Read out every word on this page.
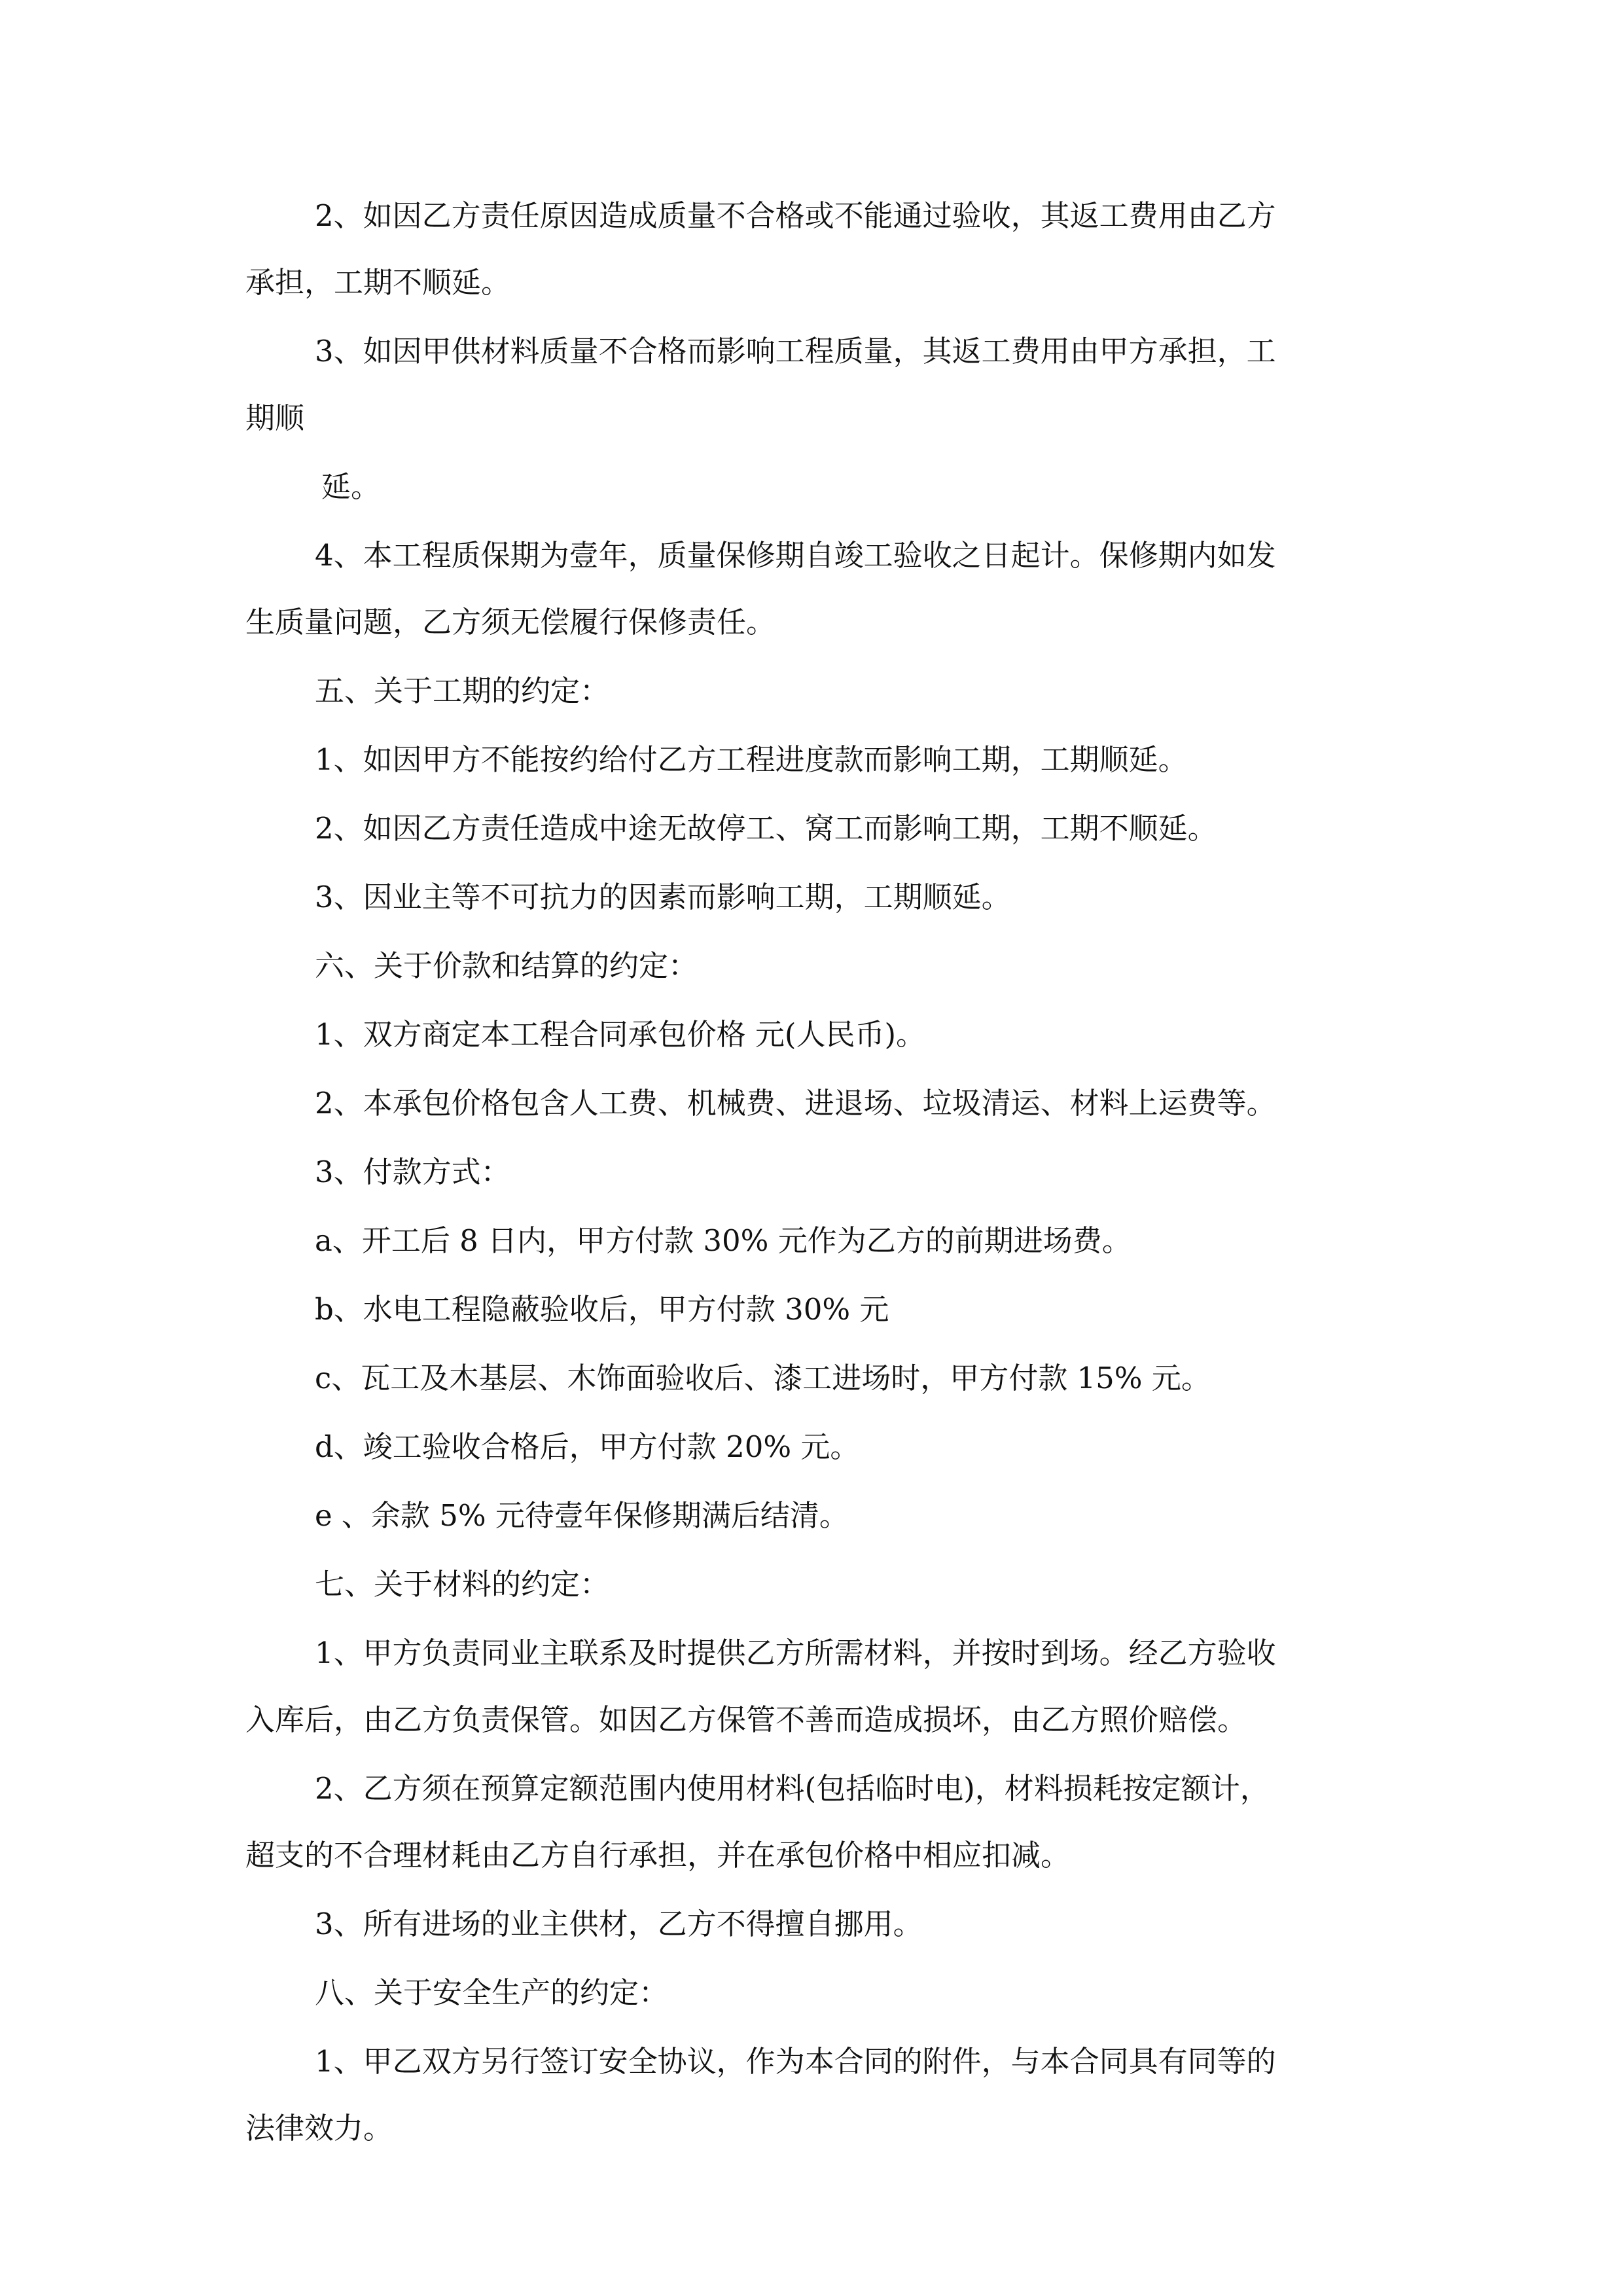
2、如因乙方责任原因造成质量不合格或不能通过验收，其返工费用由乙方

承担，工期不顺延。

3、如因甲供材料质量不合格而影响工程质量，其返工费用由甲方承担，工

期顺

延。

4、本工程质保期为壹年，质量保修期自竣工验收之日起计。保修期内如发

生质量问题，乙方须无偿履行保修责任。

五、关于工期的约定：

1、如因甲方不能按约给付乙方工程进度款而影响工期，工期顺延。

2、如因乙方责任造成中途无故停工、窝工而影响工期，工期不顺延。

3、因业主等不可抗力的因素而影响工期，工期顺延。

六、关于价款和结算的约定：

1、双方商定本工程合同承包价格 元(人民币)。

2、本承包价格包含人工费、机械费、进退场、垃圾清运、材料上运费等。

3、付款方式：

a、开工后 8 日内，甲方付款 30% 元作为乙方的前期进场费。

b、水电工程隐蔽验收后，甲方付款 30% 元

c、瓦工及木基层、木饰面验收后、漆工进场时，甲方付款 15% 元。

d、竣工验收合格后，甲方付款 20% 元。

e 、余款 5% 元待壹年保修期满后结清。

七、关于材料的约定：

1、甲方负责同业主联系及时提供乙方所需材料，并按时到场。经乙方验收

入库后，由乙方负责保管。如因乙方保管不善而造成损坏，由乙方照价赔偿。

2、乙方须在预算定额范围内使用材料(包括临时电)，材料损耗按定额计，

超支的不合理材耗由乙方自行承担，并在承包价格中相应扣减。

3、所有进场的业主供材，乙方不得擅自挪用。

八、关于安全生产的约定：

1、甲乙双方另行签订安全协议，作为本合同的附件，与本合同具有同等的

法律效力。
